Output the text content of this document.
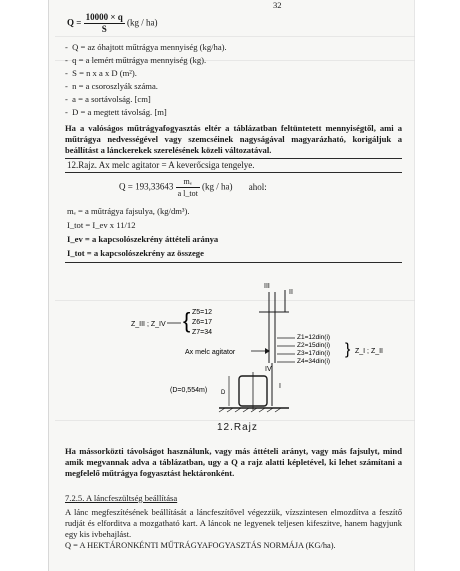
32
$Q = \frac{10000 \times q}{S} (kg / ha)$
-  Q = az óhajtott műtrágya mennyiség (kg/ha).
-  q = a lemért műtrágya mennyiség (kg).
-  S = n x a x D (m²).
-  n = a csoroszlyák száma.
-  a = a sortávolság. [cm]
-  D = a megtett távolság. [m]
Ha a valóságos műtrágyafogyasztás eltér a táblázatban feltüntetett mennyiségtől, ami a műtrágya nedvességével vagy szemcséinek nagyságával magyarázható, korigáljuk a beállítást a lánckerekek szerelésének közeli változatával.
12.Rajz. Ax melc agitator = A keverőcsiga tengelye.
$Q = 193,33643 \frac{\text{mₑ}}{\text{a l\_tot}} (kg / ha)$ ahol:
mₑ = a műtrágya fajsulya, (kg/dm³).
I_tot = I_ev x 11/12
I_ev = a kapcsolószekrény áttételi aránya
I_tot = a kapcsolószekrény az összege
Z_III ; Z_IV { Z5=12
Z6=17
Z7=34
III
II
Ax melc agitator
IV
Z1=12din(i)
Z2=15din(i)
Z3=17din(i)
Z4=34din(i)
} Z_I ; Z_II
D
(D=0,554m)
I
12.Rajz
Ha mássorközti távolságot használunk, vagy más áttételi arányt, vagy más fajsulyt, mind amik megvannak adva a táblázatban, ugy a Q a rajz alatti képletével, ki lehet számítani a megfelelő műtrágya fogyasztást hektáronként.
7.2.5. A láncfeszültség beállítása
A lánc megfeszítésének beállítását a láncfeszítővel végezzük, vízszintesen elmozdítva a feszítő rudját és elforditva a mozgatható kart. A láncok ne legyenek teljesen kifeszitve, hanem hagyjunk egy kis ivbehajlást.
Q = A HEKTÁRONKÉNTI MŰTRÁGYAFOGYASZTÁS NORMÁJA (KG/ha).
